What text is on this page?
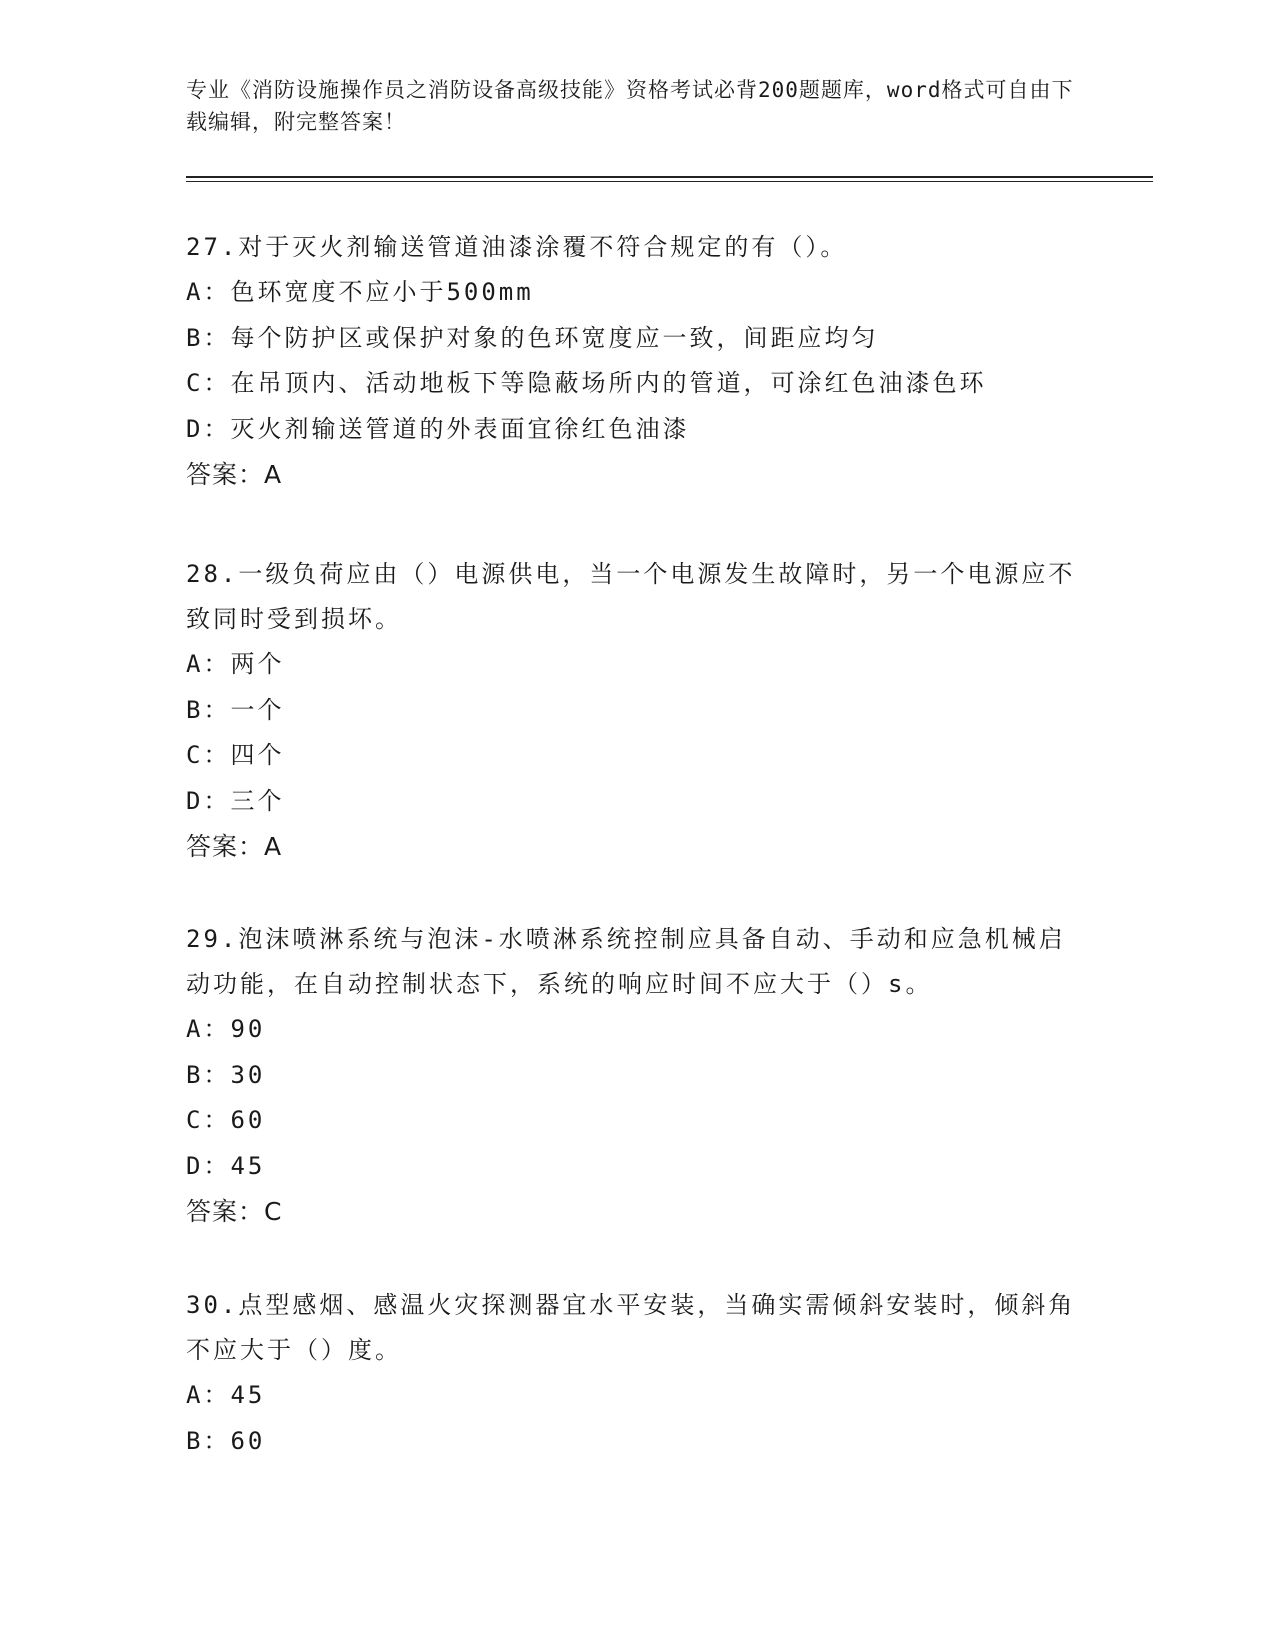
专业《消防设施操作员之消防设备高级技能》资格考试必背200题题库，word格式可自由下载编辑，附完整答案！

27.对于灭火剂输送管道油漆涂覆不符合规定的有（）。

A：色环宽度不应小于500mm

B：每个防护区或保护对象的色环宽度应一致，间距应均匀

C：在吊顶内、活动地板下等隐蔽场所内的管道，可涂红色油漆色环

D：灭火剂输送管道的外表面宜徐红色油漆

答案：A

28.一级负荷应由（）电源供电，当一个电源发生故障时，另一个电源应不致同时受到损坏。

A：两个

B：一个

C：四个

D：三个

答案：A

29.泡沫喷淋系统与泡沫-水喷淋系统控制应具备自动、手动和应急机械启动功能，在自动控制状态下，系统的响应时间不应大于（）s。

A：90

B：30

C：60

D：45

答案：C

30.点型感烟、感温火灾探测器宜水平安装，当确实需倾斜安装时，倾斜角不应大于（）度。

A：45

B：60
